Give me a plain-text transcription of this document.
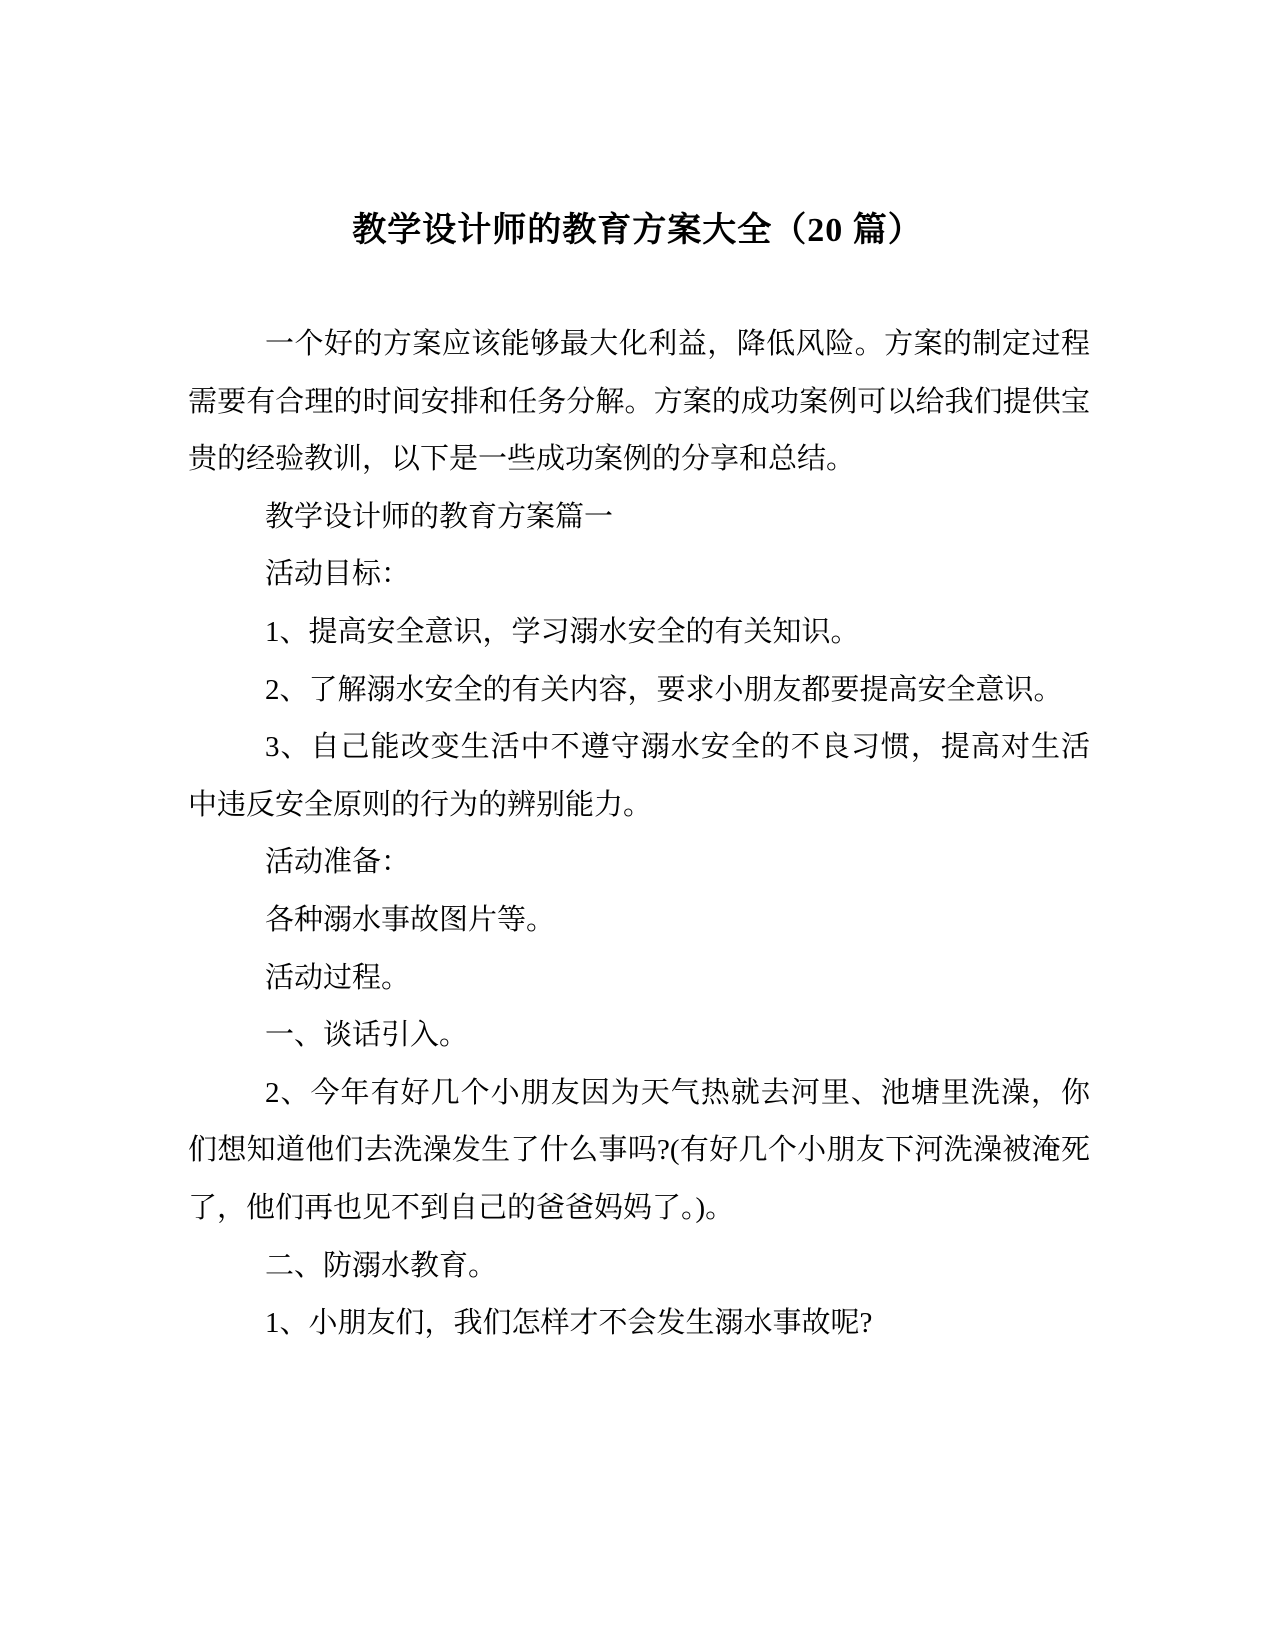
教学设计师的教育方案大全（20 篇）

一个好的方案应该能够最大化利益，降低风险。方案的制定过程需要有合理的时间安排和任务分解。方案的成功案例可以给我们提供宝贵的经验教训，以下是一些成功案例的分享和总结。

教学设计师的教育方案篇一

活动目标：

1、提高安全意识，学习溺水安全的有关知识。

2、了解溺水安全的有关内容，要求小朋友都要提高安全意识。

3、自己能改变生活中不遵守溺水安全的不良习惯，提高对生活中违反安全原则的行为的辨别能力。

活动准备：

各种溺水事故图片等。

活动过程。

一、谈话引入。

2、今年有好几个小朋友因为天气热就去河里、池塘里洗澡，你们想知道他们去洗澡发生了什么事吗?(有好几个小朋友下河洗澡被淹死了，他们再也见不到自己的爸爸妈妈了。)。

二、防溺水教育。

1、小朋友们，我们怎样才不会发生溺水事故呢?
